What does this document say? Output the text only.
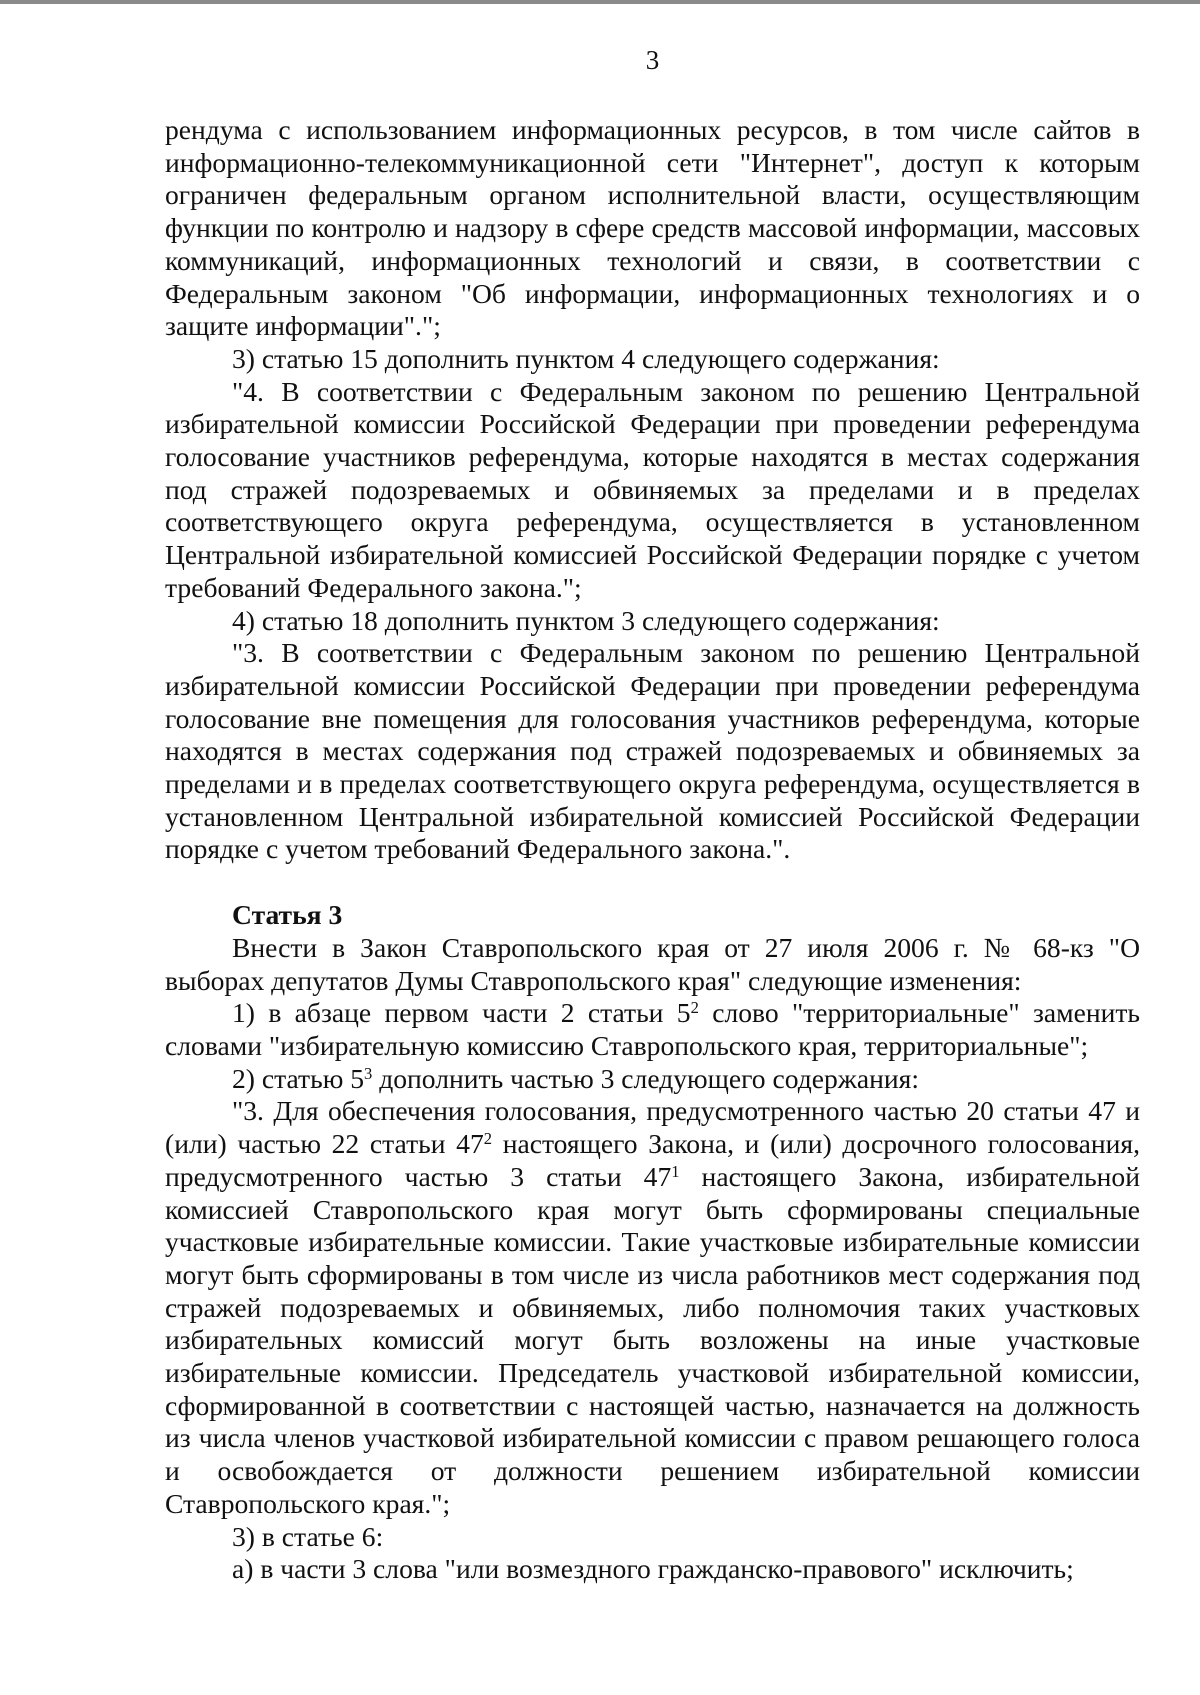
3

рендума с использованием информационных ресурсов, в том числе сайтов в информационно-телекоммуникационной сети "Интернет", доступ к которым ограничен федеральным органом исполнительной власти, осуществляющим функции по контролю и надзору в сфере средств массовой информации, массовых коммуникаций, информационных технологий и связи, в соответствии с Федеральным законом "Об информации, информационных технологиях и о защите информации".";

3) статью 15 дополнить пунктом 4 следующего содержания:

"4. В соответствии с Федеральным законом по решению Центральной избирательной комиссии Российской Федерации при проведении референдума голосование участников референдума, которые находятся в местах содержания под стражей подозреваемых и обвиняемых за пределами и в пределах соответствующего округа референдума, осуществляется в установленном Центральной избирательной комиссией Российской Федерации порядке с учетом требований Федерального закона.";

4) статью 18 дополнить пунктом 3 следующего содержания:

"3. В соответствии с Федеральным законом по решению Центральной избирательной комиссии Российской Федерации при проведении референдума голосование вне помещения для голосования участников референдума, которые находятся в местах содержания под стражей подозреваемых и обвиняемых за пределами и в пределах соответствующего округа референдума, осуществляется в установленном Центральной избирательной комиссией Российской Федерации порядке с учетом требований Федерального закона.".

Статья 3

Внести в Закон Ставропольского края от 27 июля 2006 г. № 68-кз "О выборах депутатов Думы Ставропольского края" следующие изменения:

1) в абзаце первом части 2 статьи $5^2$ слово "территориальные" заменить словами "избирательную комиссию Ставропольского края, территориальные";

2) статью $5^3$ дополнить частью 3 следующего содержания:

"3. Для обеспечения голосования, предусмотренного частью 20 статьи 47 и (или) частью 22 статьи $47^2$ настоящего Закона, и (или) досрочного голосования, предусмотренного частью 3 статьи $47^1$ настоящего Закона, избирательной комиссией Ставропольского края могут быть сформированы специальные участковые избирательные комиссии. Такие участковые избирательные комиссии могут быть сформированы в том числе из числа работников мест содержания под стражей подозреваемых и обвиняемых, либо полномочия таких участковых избирательных комиссий могут быть возложены на иные участковые избирательные комиссии. Председатель участковой избирательной комиссии, сформированной в соответствии с настоящей частью, назначается на должность из числа членов участковой избирательной комиссии с правом решающего голоса и освобождается от должности решением избирательной комиссии Ставропольского края.";

3) в статье 6:

а) в части 3 слова "или возмездного гражданско-правового" исключить;
